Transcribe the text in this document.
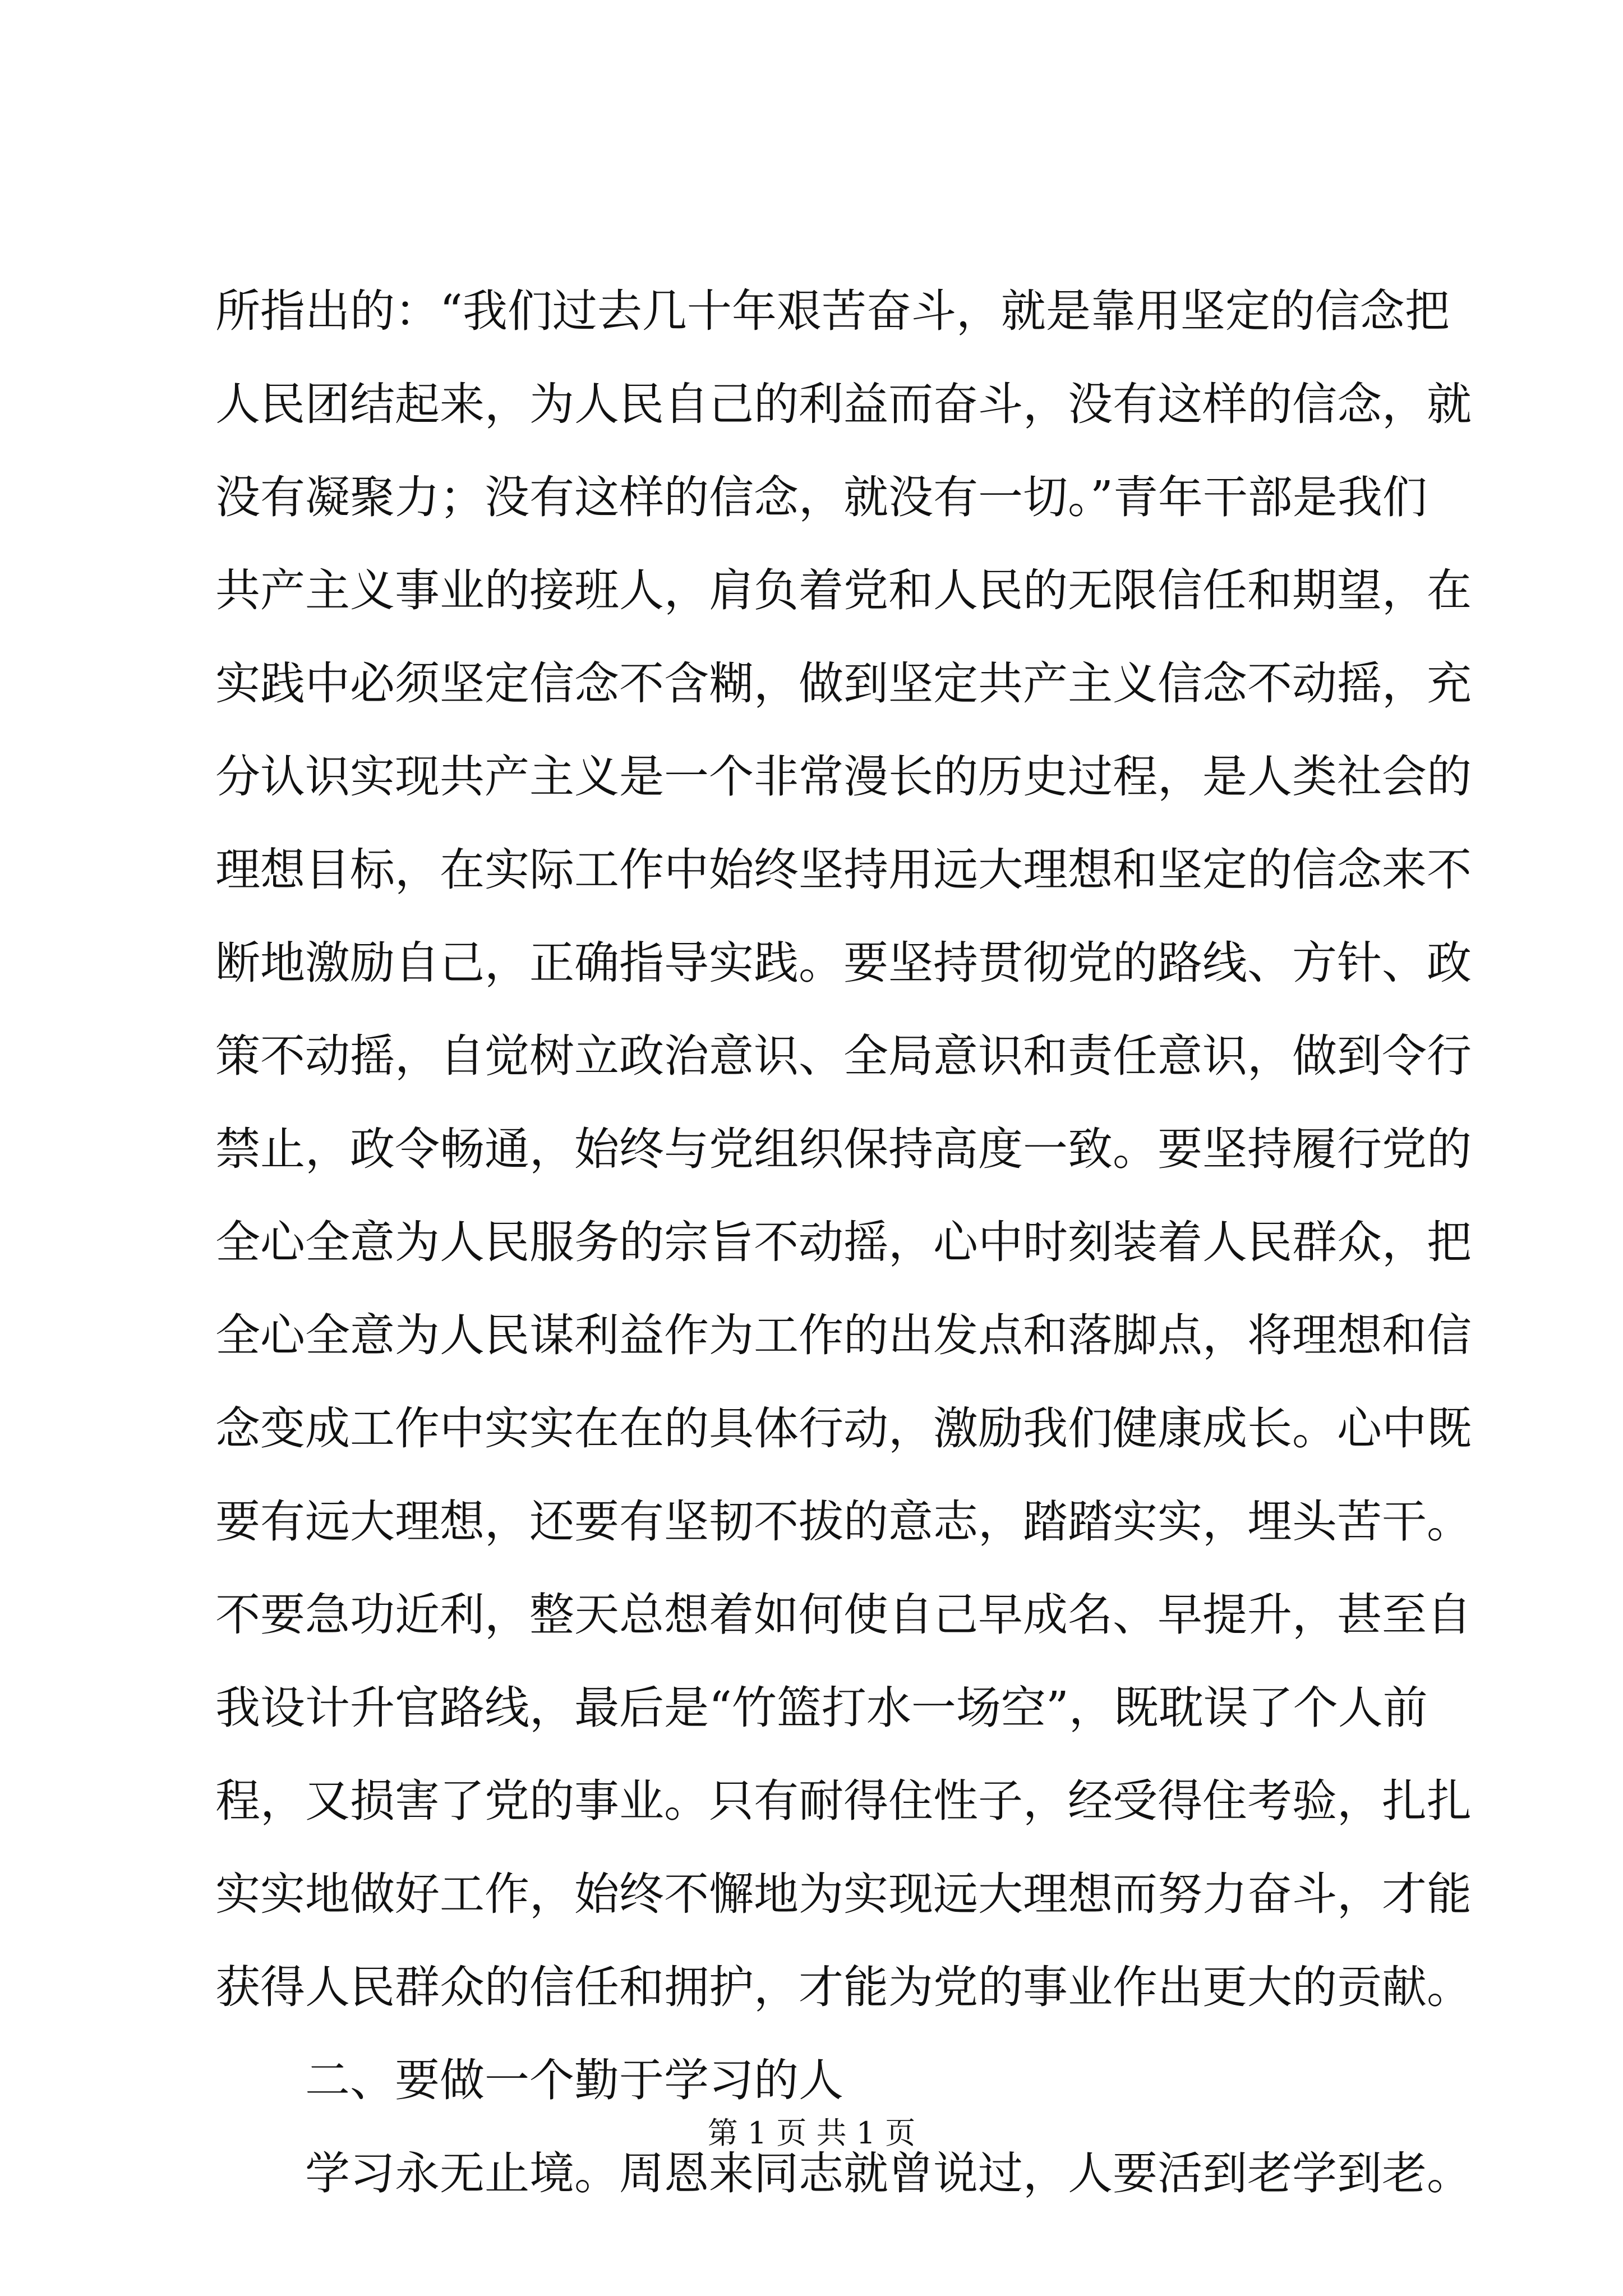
所指出的：“我们过去几十年艰苦奋斗，就是靠用坚定的信念把
人民团结起来，为人民自己的利益而奋斗，没有这样的信念，就
没有凝聚力；没有这样的信念，就没有一切。”青年干部是我们
共产主义事业的接班人，肩负着党和人民的无限信任和期望，在
实践中必须坚定信念不含糊，做到坚定共产主义信念不动摇，充
分认识实现共产主义是一个非常漫长的历史过程，是人类社会的
理想目标，在实际工作中始终坚持用远大理想和坚定的信念来不
断地激励自己，正确指导实践。要坚持贯彻党的路线、方针、政
策不动摇，自觉树立政治意识、全局意识和责任意识，做到令行
禁止，政令畅通，始终与党组织保持高度一致。要坚持履行党的
全心全意为人民服务的宗旨不动摇，心中时刻装着人民群众，把
全心全意为人民谋利益作为工作的出发点和落脚点，将理想和信
念变成工作中实实在在的具体行动，激励我们健康成长。心中既
要有远大理想，还要有坚韧不拔的意志，踏踏实实，埋头苦干。
不要急功近利，整天总想着如何使自己早成名、早提升，甚至自
我设计升官路线，最后是“竹篮打水一场空”，既耽误了个人前
程，又损害了党的事业。只有耐得住性子，经受得住考验，扎扎
实实地做好工作，始终不懈地为实现远大理想而努力奋斗，才能
获得人民群众的信任和拥护，才能为党的事业作出更大的贡献。
二、要做一个勤于学习的人
学习永无止境。周恩来同志就曾说过，人要活到老学到老。
第 1 页 共 1 页
